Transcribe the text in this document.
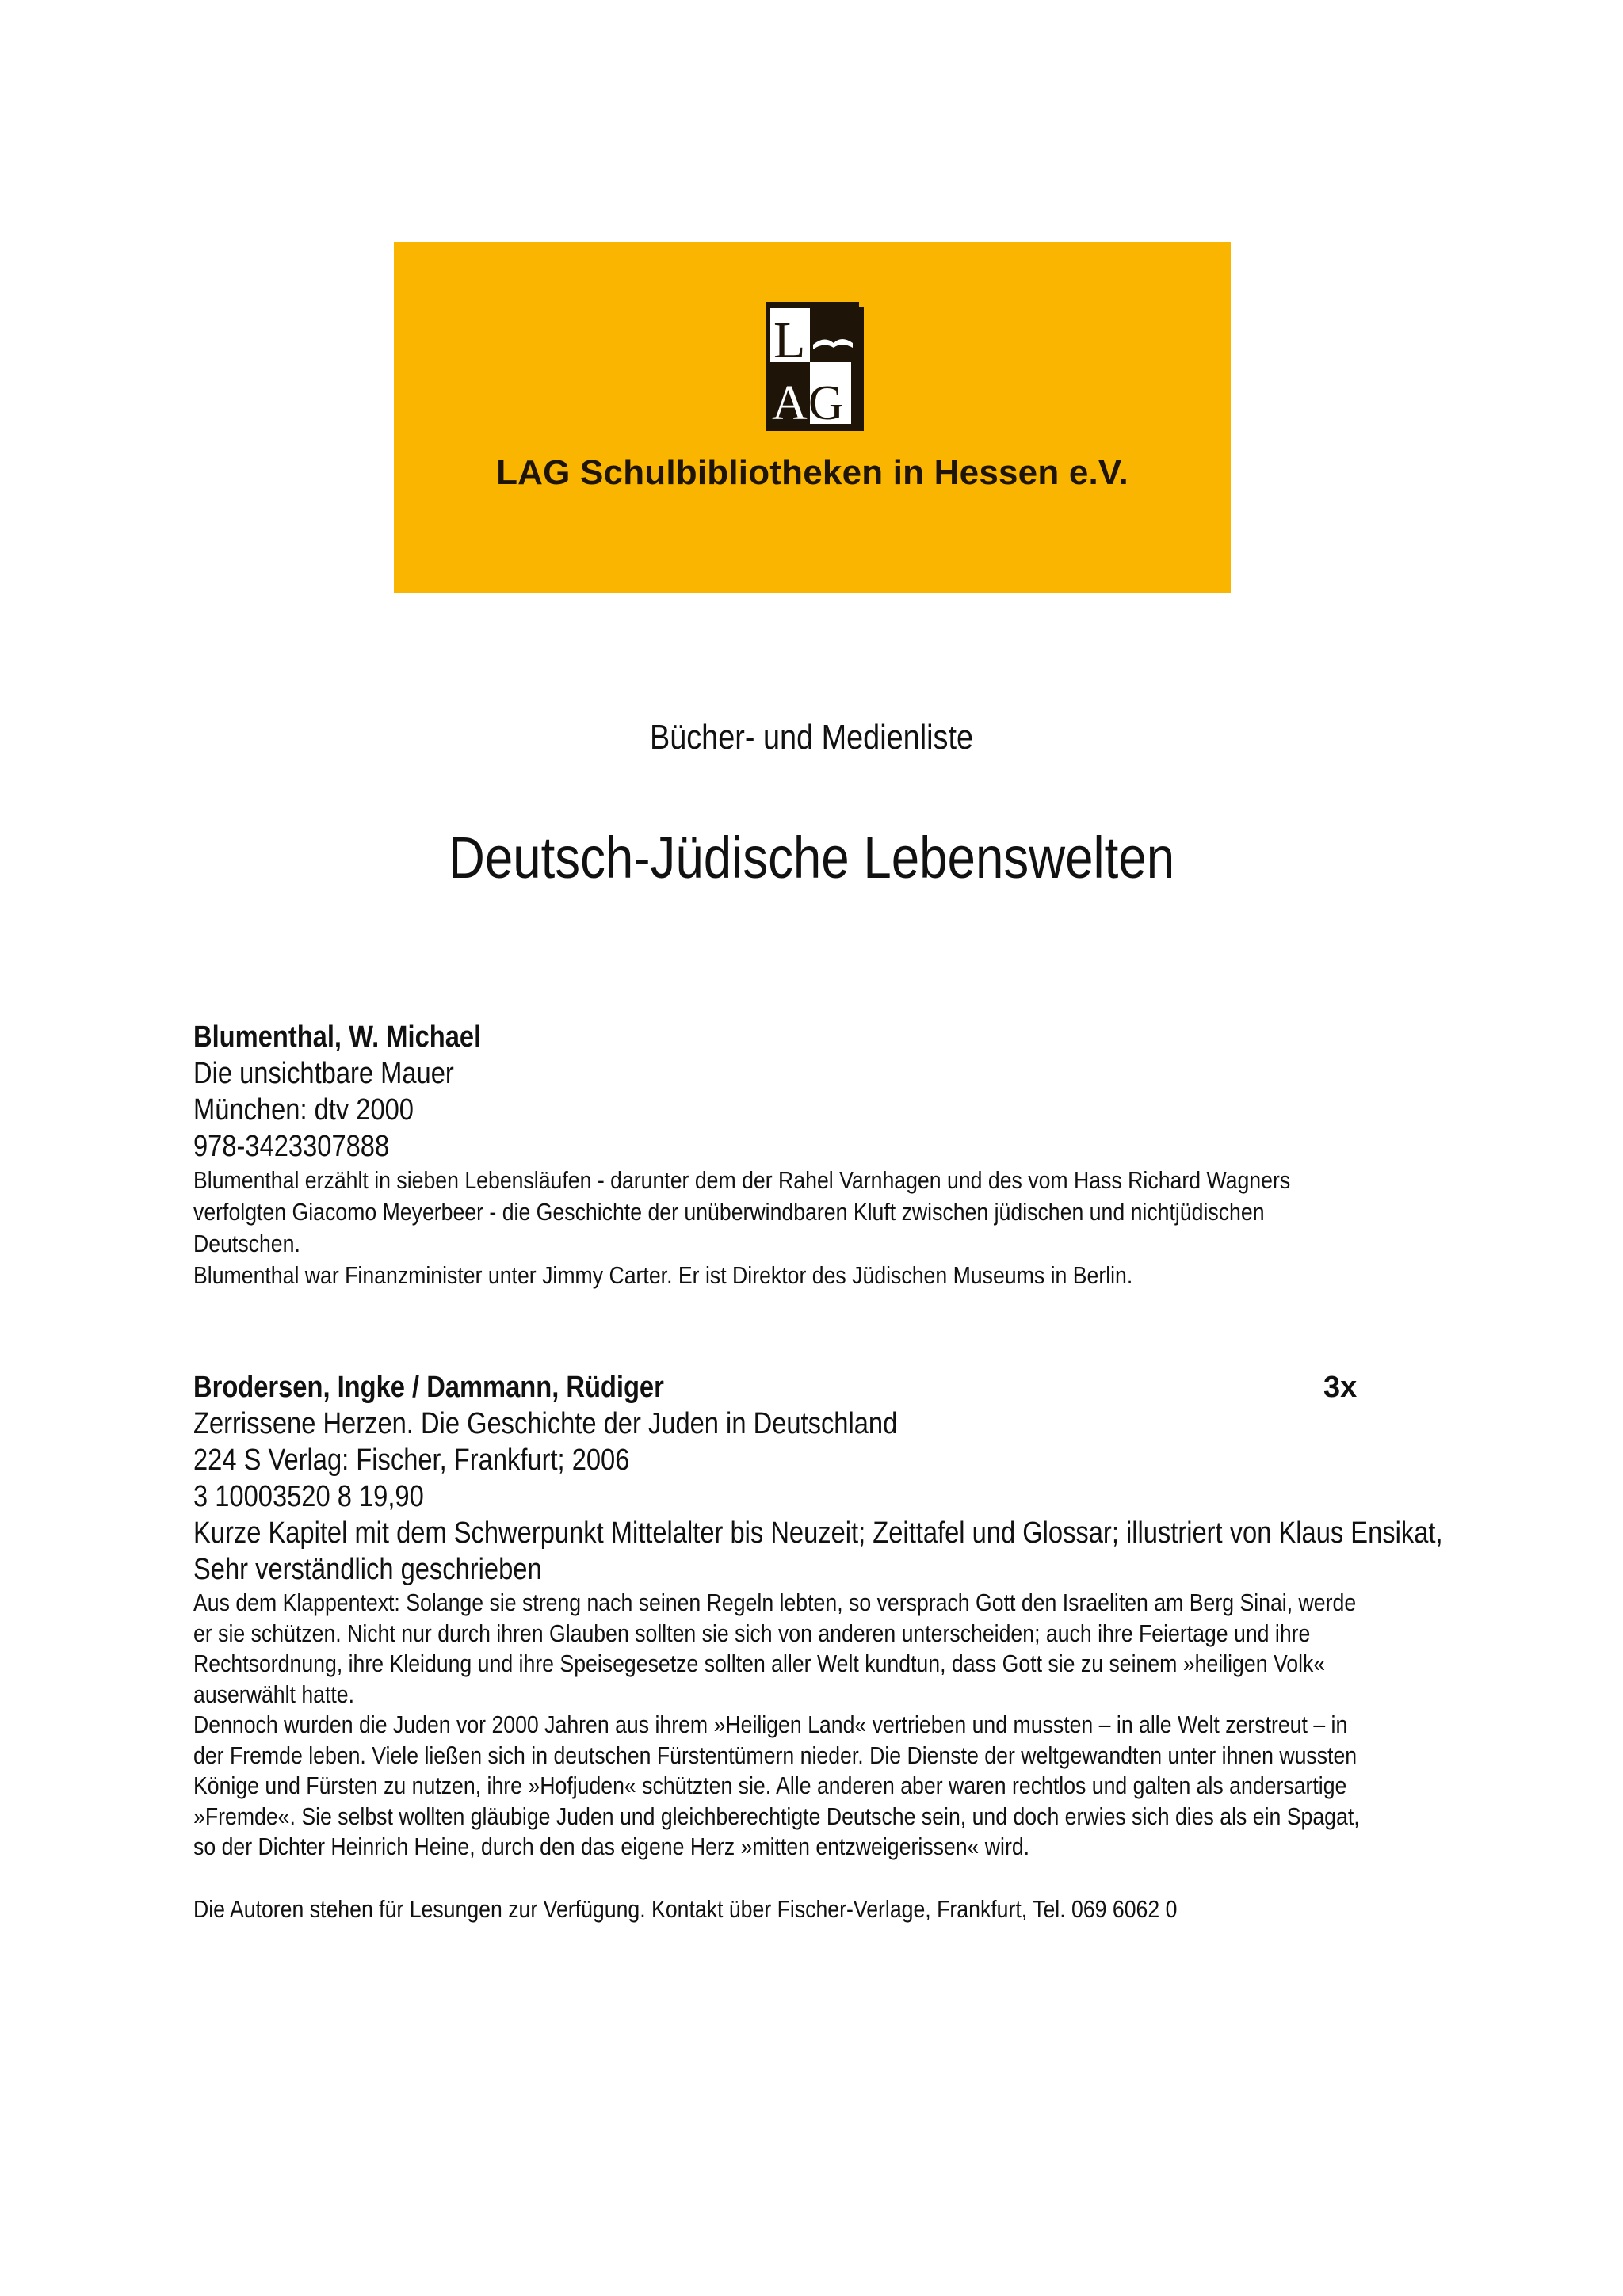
L
A G
LAG Schulbibliotheken in Hessen e.V.
Bücher- und Medienliste
Deutsch-Jüdische Lebenswelten
Blumenthal, W. Michael
Die unsichtbare Mauer
München: dtv 2000
978-3423307888
Blumenthal erzählt in sieben Lebensläufen - darunter dem der Rahel Varnhagen und des vom Hass Richard Wagners
verfolgten Giacomo Meyerbeer - die Geschichte der unüberwindbaren Kluft zwischen jüdischen und nichtjüdischen
Deutschen.
Blumenthal war Finanzminister unter Jimmy Carter. Er ist Direktor des Jüdischen Museums in Berlin.
3x
Brodersen, Ingke / Dammann, Rüdiger
Zerrissene Herzen. Die Geschichte der Juden in Deutschland
224 S Verlag: Fischer, Frankfurt; 2006
3 10003520 8 19,90
Kurze Kapitel mit dem Schwerpunkt Mittelalter bis Neuzeit; Zeittafel und Glossar; illustriert von Klaus Ensikat,
Sehr verständlich geschrieben
Aus dem Klappentext: Solange sie streng nach seinen Regeln lebten, so versprach Gott den Israeliten am Berg Sinai, werde
er sie schützen. Nicht nur durch ihren Glauben sollten sie sich von anderen unterscheiden; auch ihre Feiertage und ihre
Rechtsordnung, ihre Kleidung und ihre Speisegesetze sollten aller Welt kundtun, dass Gott sie zu seinem »heiligen Volk«
auserwählt hatte.
Dennoch wurden die Juden vor 2000 Jahren aus ihrem »Heiligen Land« vertrieben und mussten – in alle Welt zerstreut – in
der Fremde leben. Viele ließen sich in deutschen Fürstentümern nieder. Die Dienste der weltgewandten unter ihnen wussten
Könige und Fürsten zu nutzen, ihre »Hofjuden« schützten sie. Alle anderen aber waren rechtlos und galten als andersartige
»Fremde«. Sie selbst wollten gläubige Juden und gleichberechtigte Deutsche sein, und doch erwies sich dies als ein Spagat,
so der Dichter Heinrich Heine, durch den das eigene Herz »mitten entzweigerissen« wird.
Die Autoren stehen für Lesungen zur Verfügung. Kontakt über Fischer-Verlage, Frankfurt, Tel. 069 6062 0
